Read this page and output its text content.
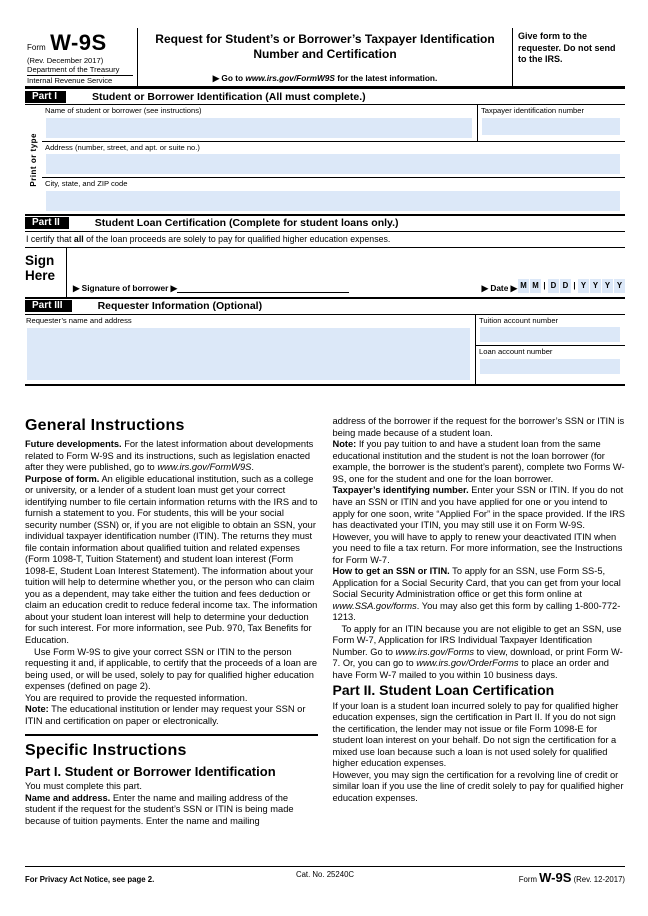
Form W-9S
(Rev. December 2017)
Department of the Treasury
Internal Revenue Service
Request for Student’s or Borrower’s Taxpayer Identification
Number and Certification
▶ Go to www.irs.gov/FormW9S for the latest information.
Give form to the requester. Do not send to the IRS.
Part I	Student or Borrower Identification (All must complete.)
Print or type
Name of student or borrower (see instructions)	Taxpayer identification number
Address (number, street, and apt. or suite no.)
City, state, and ZIP code
Part II	Student Loan Certification (Complete for student loans only.)
I certify that all of the loan proceeds are solely to pay for qualified higher education expenses.
Sign
Here
▶ Signature of borrower ▶	▶ Date ▶ M M | D D | Y Y Y Y
Part III	Requester Information (Optional)
Requester’s name and address	Tuition account number
Loan account number
General Instructions

Future developments. For the latest information about developments related to Form W-9S and its instructions, such as legislation enacted after they were published, go to www.irs.gov/FormW9S.

Purpose of form. An eligible educational institution, such as a college or university, or a lender of a student loan must get your correct identifying number to file certain information returns with the IRS and to furnish a statement to you. For students, this will be your social security number (SSN) or, if you are not eligible to obtain an SSN, your individual taxpayer identification number (ITIN). The returns they must file contain information about qualified tuition and related expenses (Form 1098-T, Tuition Statement) and student loan interest (Form 1098-E, Student Loan Interest Statement). The information about your tuition will help to determine whether you, or the person who can claim you as a dependent, may take either the tuition and fees deduction or claim an education credit to reduce federal income tax. The information about your student loan interest will help to determine your deduction for such interest. For more information, see Pub. 970, Tax Benefits for Education.

Use Form W-9S to give your correct SSN or ITIN to the person requesting it and, if applicable, to certify that the proceeds of a loan are being used, or will be used, solely to pay for qualified higher education expenses (defined on page 2).

You are required to provide the requested information.

Note: The educational institution or lender may request your SSN or ITIN and certification on paper or electronically.

Specific Instructions
Part I. Student or Borrower Identification

You must complete this part.

Name and address. Enter the name and mailing address of the student if the request for the student’s SSN or ITIN is being made because of tuition payments. Enter the name and mailing

address of the borrower if the request for the borrower’s SSN or ITIN is being made because of a student loan.

Note: If you pay tuition to and have a student loan from the same educational institution and the student is not the loan borrower (for example, the borrower is the student’s parent), complete two Forms W-9S, one for the student and one for the loan borrower.

Taxpayer’s identifying number. Enter your SSN or ITIN. If you do not have an SSN or ITIN and you have applied for one or you intend to apply for one soon, write “Applied For” in the space provided. If the IRS has deactivated your ITIN, you may still use it on Form W-9S. However, you will have to apply to renew your deactivated ITIN when you need to file a tax return. For more information, see the Instructions for Form W-7.

How to get an SSN or ITIN. To apply for an SSN, use Form SS-5, Application for a Social Security Card, that you can get from your local Social Security Administration office or get this form online at www.SSA.gov/forms. You may also get this form by calling 1-800-772-1213.

To apply for an ITIN because you are not eligible to get an SSN, use Form W-7, Application for IRS Individual Taxpayer Identification Number. Go to www.irs.gov/Forms to view, download, or print Form W-7. Or, you can go to www.irs.gov/OrderForms to place an order and have Form W-7 mailed to you within 10 business days.

Part II. Student Loan Certification

If your loan is a student loan incurred solely to pay for qualified higher education expenses, sign the certification in Part II. If you do not sign the certification, the lender may not issue or file Form 1098-E for student loan interest on your behalf. Do not sign the certification for a mixed use loan because such a loan is not used solely for qualified higher education expenses.

However, you may sign the certification for a revolving line of credit or similar loan if you use the line of credit solely to pay for qualified higher education expenses.

For Privacy Act Notice, see page 2.
Cat. No. 25240C
Form W-9S (Rev. 12-2017)
